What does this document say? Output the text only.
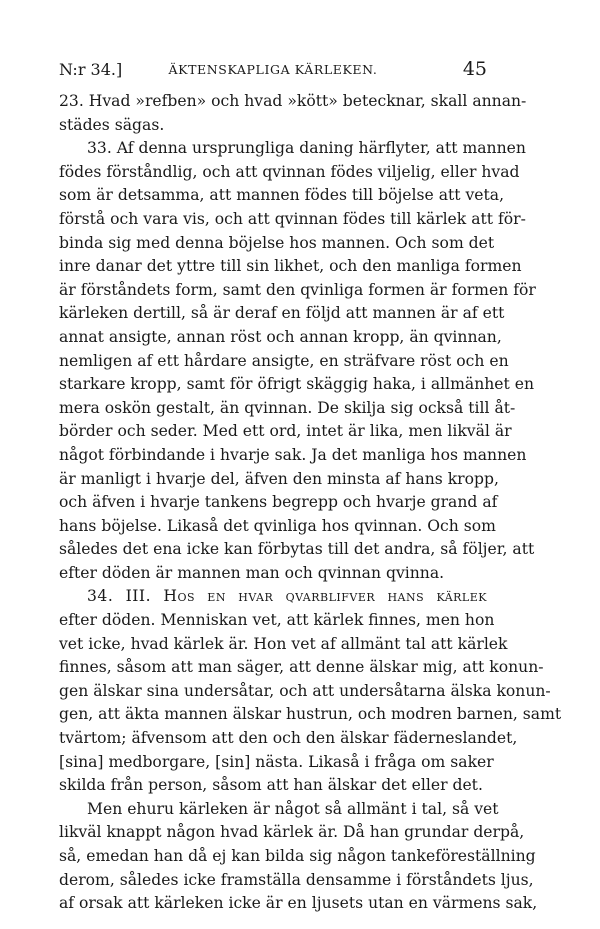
N:r 34.]	ÄKTENSKAPLIGA KÄRLEKEN.	45
23. Hvad »refben» och hvad »kött» betecknar, skall annan-
städes sägas.
33. Af denna ursprungliga daning härflyter, att mannen
födes förståndlig, och att qvinnan födes viljelig, eller hvad
som är detsamma, att mannen födes till böjelse att veta,
förstå och vara vis, och att qvinnan födes till kärlek att för-
binda sig med denna böjelse hos mannen. Och som det
inre danar det yttre till sin likhet, och den manliga formen
är förståndets form, samt den qvinliga formen är formen för
kärleken dertill, så är deraf en följd att mannen är af ett
annat ansigte, annan röst och annan kropp, än qvinnan,
nemligen af ett hårdare ansigte, en sträfvare röst och en
starkare kropp, samt för öfrigt skäggig haka, i allmänhet en
mera oskön gestalt, än qvinnan. De skilja sig också till åt-
börder och seder. Med ett ord, intet är lika, men likväl är
något förbindande i hvarje sak. Ja det manliga hos mannen
är manligt i hvarje del, äfven den minsta af hans kropp,
och äfven i hvarje tankens begrepp och hvarje grand af
hans böjelse. Likaså det qvinliga hos qvinnan. Och som
således det ena icke kan förbytas till det andra, så följer, att
efter döden är mannen man och qvinnan qvinna.
34. III. Hos en hvar qvarblifver hans kärlek
efter döden. Menniskan vet, att kärlek finnes, men hon
vet icke, hvad kärlek är. Hon vet af allmänt tal att kärlek
finnes, såsom att man säger, att denne älskar mig, att konun-
gen älskar sina undersåtar, och att undersåtarna älska konun-
gen, att äkta mannen älskar hustrun, och modren barnen, samt
tvärtom; äfvensom att den och den älskar fäderneslandet,
[sina] medborgare, [sin] nästa. Likaså i fråga om saker
skilda från person, såsom att han älskar det eller det.
Men ehuru kärleken är något så allmänt i tal, så vet
likväl knappt någon hvad kärlek är. Då han grundar derpå,
så, emedan han då ej kan bilda sig någon tankeföreställning
derom, således icke framställa densamme i förståndets ljus,
af orsak att kärleken icke är en ljusets utan en värmens sak,
